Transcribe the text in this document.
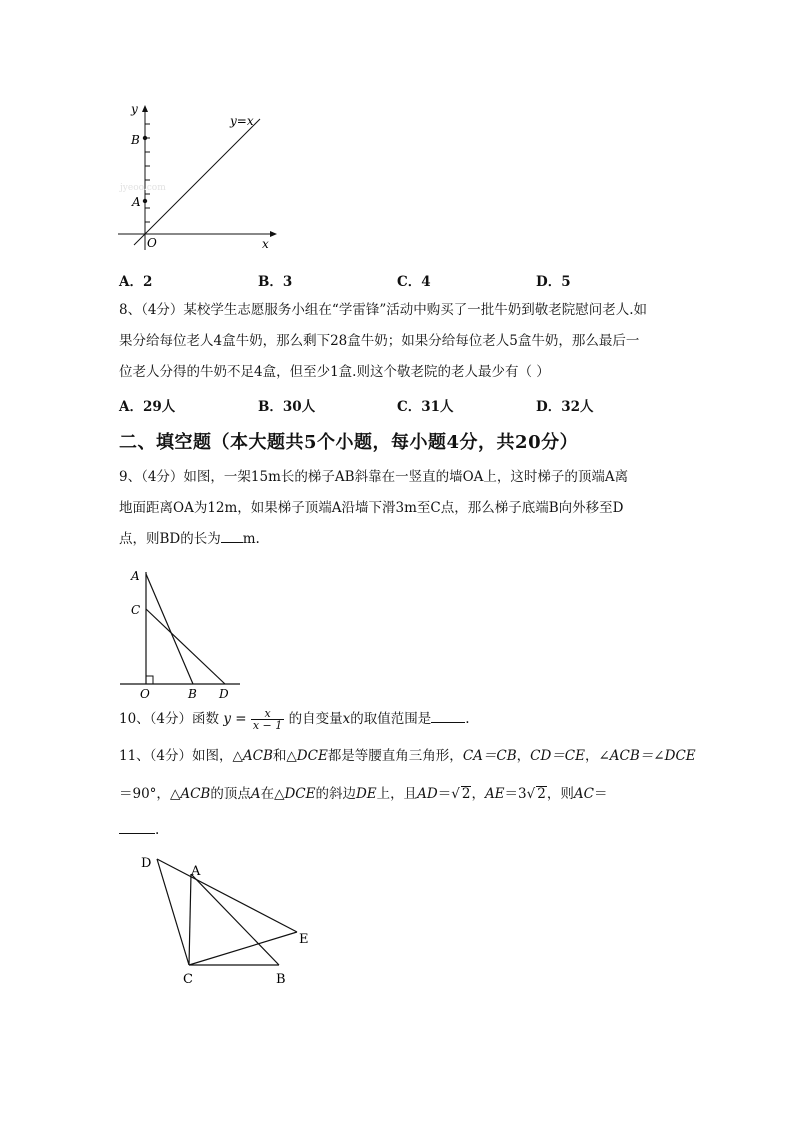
y=x
y
x
O
A
B
jyeoo.com
A．2	B．3	C．4	D．5
8、（4分）某校学生志愿服务小组在“学雷锋”活动中购买了一批牛奶到敬老院慰问老人.如
果分给每位老人4盒牛奶，那么剩下28盒牛奶；如果分给每位老人5盒牛奶，那么最后一
位老人分得的牛奶不足4盒，但至少1盒.则这个敬老院的老人最少有（ ）
A．29人	B．30人	C．31人	D．32人
二、填空题（本大题共5个小题，每小题4分，共20分）
9、（4分）如图，一架15m长的梯子AB斜靠在一竖直的墙OA上，这时梯子的顶端A离
地面距离OA为12m，如果梯子顶端A沿墙下滑3m至C点，那么梯子底端B向外移至D
点，则BD的长为 m.
A
C
O	B D
10、（4分）函数 $y = \frac{x}{x - 1}$ 的自变量x的取值范围是	.
11、（4分）如图，△ACB和△DCE都是等腰直角三角形，CA＝CB，CD＝CE，∠ACB＝∠DCE
＝90°，△ACB的顶点A在△DCE的斜边DE上，且AD＝√ 2，AE＝3√ 2，则AC＝
.
D
A
E
C	B
